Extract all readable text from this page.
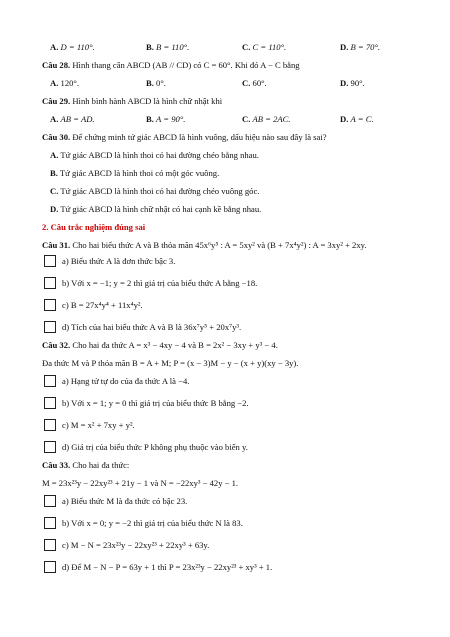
A. D = 110°.	B. B = 110°.	C. C = 110°.	D. B = 70°.
Câu 28. Hình thang cân ABCD (AB // CD) có C = 60°. Khi đó A − C bằng
A. 120°.	B. 0°.	C. 60°.	D. 90°.
Câu 29. Hình bình hành ABCD là hình chữ nhật khi
A. AB = AD.	B. A = 90°.	C. AB = 2AC.	D. A = C.
Câu 30. Để chứng minh tứ giác ABCD là hình vuông, dấu hiệu nào sau đây là sai?
A. Tứ giác ABCD là hình thoi có hai đường chéo bằng nhau.
B. Tứ giác ABCD là hình thoi có một góc vuông.
C. Tứ giác ABCD là hình thoi có hai đường chéo vuông góc.
D. Tứ giác ABCD là hình chữ nhật có hai cạnh kề bằng nhau.
2. Câu trắc nghiệm đúng sai
Câu 31. Cho hai biểu thức A và B thỏa mãn 45x⁶y⁵ : A = 5xy² và (B + 7x⁴y²) : A = 3xy² + 2xy.
a) Biểu thức A là đơn thức bậc 3.
b) Với x = −1; y = 2 thì giá trị của biểu thức A bằng −18.
c) B = 27x⁴y⁴ + 11x⁴y².
d) Tích của hai biểu thức A và B là 36x⁷y⁵ + 20x⁷y³.
Câu 32. Cho hai đa thức A = x³ − 4xy − 4 và B = 2x² − 3xy + y³ − 4.
Đa thức M và P thỏa mãn B = A + M; P = (x − 3)M − y − (x + y)(xy − 3y).
a) Hạng tử tự do của đa thức A là −4.
b) Với x = 1; y = 0 thì giá trị của biểu thức B bằng −2.
c) M = x² + 7xy + y².
d) Giá trị của biểu thức P không phụ thuộc vào biến y.
Câu 33. Cho hai đa thức:
M = 23x²³y − 22xy²³ + 21y − 1 và N = −22xy³ − 42y − 1.
a) Biểu thức M là đa thức có bậc 23.
b) Với x = 0; y = −2 thì giá trị của biểu thức N là 83.
c) M − N = 23x²³y − 22xy²³ + 22xy³ + 63y.
d) Để M − N − P = 63y + 1 thì P = 23x²³y − 22xy²³ + xy³ + 1.
